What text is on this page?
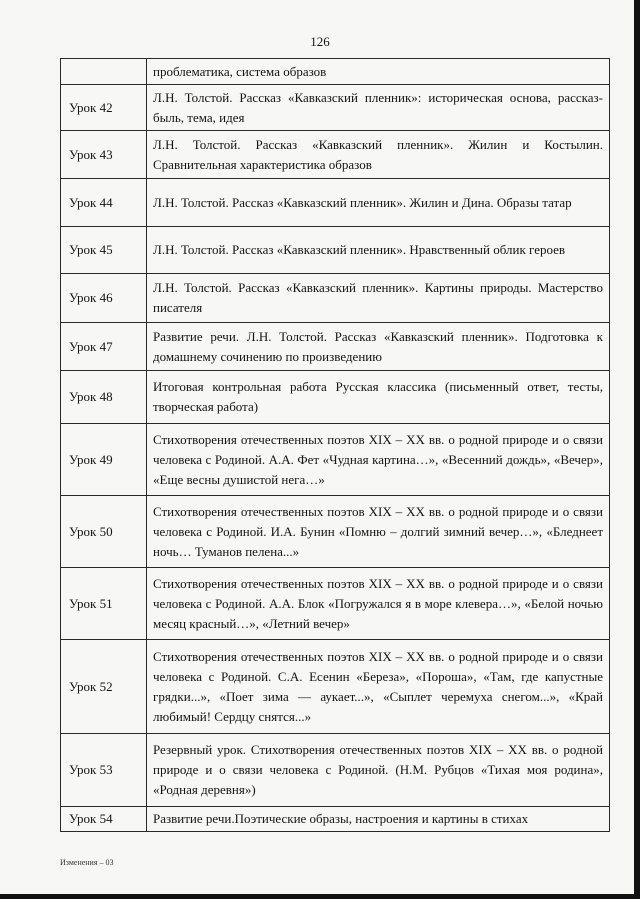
126
	проблематика, система образов
Урок 42	Л.Н. Толстой. Рассказ «Кавказский пленник»: историческая основа, рассказ-быль, тема, идея
Урок 43	Л.Н. Толстой. Рассказ «Кавказский пленник». Жилин и Костылин. Сравнительная характеристика образов
Урок 44	Л.Н. Толстой. Рассказ «Кавказский пленник». Жилин и Дина. Образы татар
Урок 45	Л.Н. Толстой. Рассказ «Кавказский пленник». Нравственный облик героев
Урок 46	Л.Н. Толстой. Рассказ «Кавказский пленник». Картины природы. Мастерство писателя
Урок 47	Развитие речи. Л.Н. Толстой. Рассказ «Кавказский пленник». Подготовка к домашнему сочинению по произведению
Урок 48	Итоговая контрольная работа Русская классика (письменный ответ, тесты, творческая работа)
Урок 49	Стихотворения отечественных поэтов XIX – XX вв. о родной природе и о связи человека с Родиной. А.А. Фет «Чудная картина…», «Весенний дождь», «Вечер», «Еще весны душистой нега…»
Урок 50	Стихотворения отечественных поэтов XIX – XX вв. о родной природе и о связи человека с Родиной. И.А. Бунин «Помню – долгий зимний вечер…», «Бледнеет ночь… Туманов пелена...»
Урок 51	Стихотворения отечественных поэтов XIX – XX вв. о родной природе и о связи человека с Родиной. А.А. Блок «Погружался я в море клевера…», «Белой ночью месяц красный…», «Летний вечер»
Урок 52	Стихотворения отечественных поэтов XIX – XX вв. о родной природе и о связи человека с Родиной. С.А. Есенин «Береза», «Пороша», «Там, где капустные грядки...», «Поет зима — аукает...», «Сыплет черемуха снегом...», «Край любимый! Сердцу снятся...»
Урок 53	Резервный урок. Стихотворения отечественных поэтов XIX – XX вв. о родной природе и о связи человека с Родиной. (Н.М. Рубцов «Тихая моя родина», «Родная деревня»)
Урок 54	Развитие речи.Поэтические образы, настроения и картины в стихах
Изменения – 03
